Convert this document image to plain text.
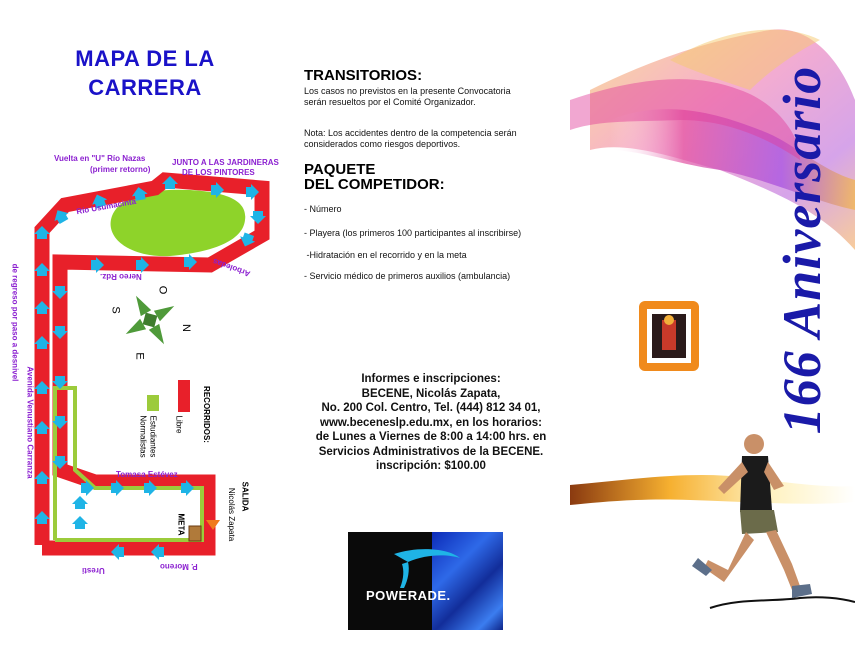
MAPA DE LA
CARRERA
Vuelta en "U" Río Nazas
(primer retorno)
Río Usumacinta
JUNTO A LAS JARDINERAS
DE LOS PINTORES
Nereo Rdz.	Arboledas
de regreso por paso a desnivel
Avenida Venustiano Carranza	Tomasa Estévez
P. Moreno
Uresti
N
S
E
O
RECORRIDOS:
Libre
Estudiantes
Normalistas
SALIDA
Nicolás Zapata
META
TRANSITORIOS:
Los casos no previstos en la presente Convocatoria serán resueltos por el Comité Organizador.
Nota: Los accidentes dentro de la competencia serán considerados como riesgos deportivos.
PAQUETE
DEL COMPETIDOR:
- Número
- Playera (los primeros 100 participantes al inscribirse)
-Hidratación en el recorrido y en la meta
- Servicio médico de primeros auxilios (ambulancia)
Informes e inscripciones:
BECENE, Nicolás Zapata,
No. 200 Col. Centro, Tel. (444) 812 34 01,
www.beceneslp.edu.mx, en los horarios:
de Lunes a Viernes de 8:00 a 14:00 hrs. en
Servicios Administrativos de la BECENE.
inscripción: $100.00
POWERADE.
166 Aniversario
